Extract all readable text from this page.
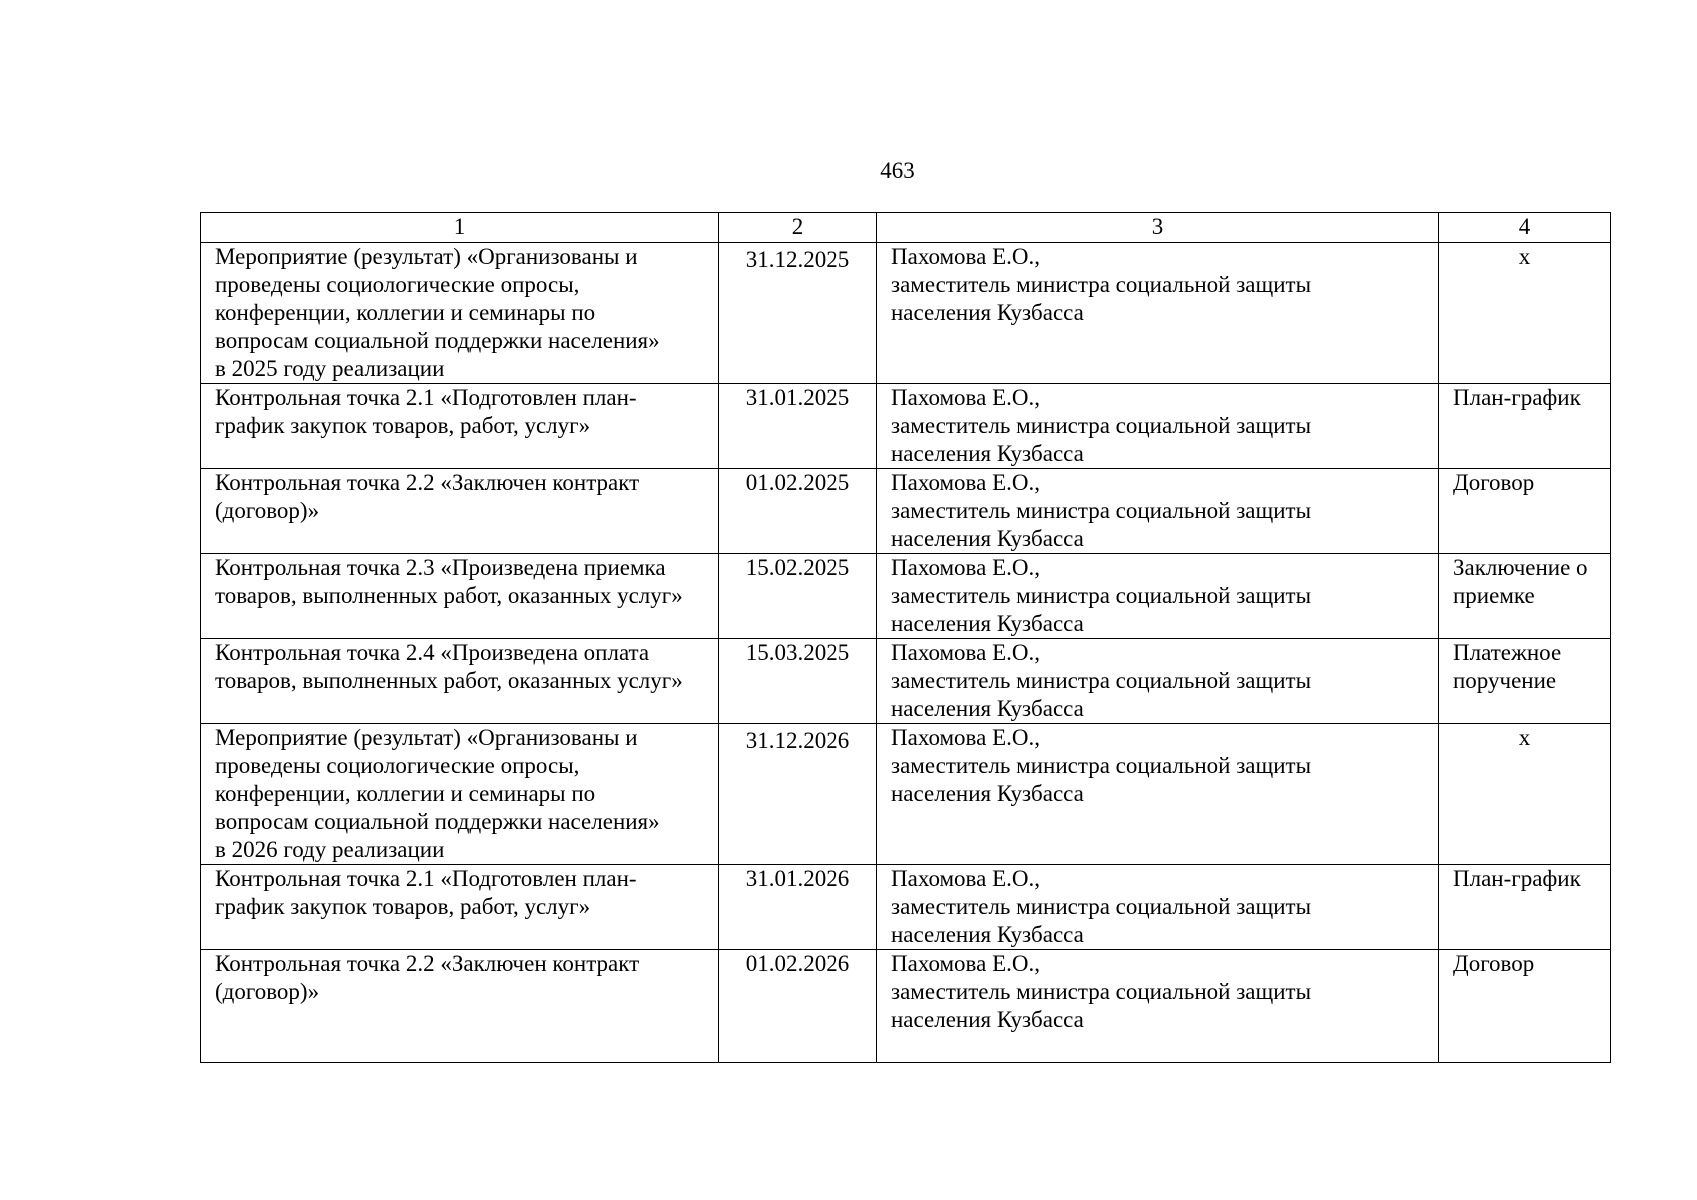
463
1	2	3	4

Мероприятие (результат) «Организованы и
проведены социологические опросы,
конференции, коллегии и семинары по
вопросам социальной поддержки населения»
в 2025 году реализации	31.12.2025	Пахомова Е.О.,
заместитель министра социальной защиты
населения Кузбасса	х

Контрольная точка 2.1 «Подготовлен план-
график закупок товаров, работ, услуг»	31.01.2025	Пахомова Е.О.,
заместитель министра социальной защиты
населения Кузбасса	План-график

Контрольная точка 2.2 «Заключен контракт
(договор)»	01.02.2025	Пахомова Е.О.,
заместитель министра социальной защиты
населения Кузбасса	Договор

Контрольная точка 2.3 «Произведена приемка
товаров, выполненных работ, оказанных услуг»	15.02.2025	Пахомова Е.О.,
заместитель министра социальной защиты
населения Кузбасса	Заключение о приемке

Контрольная точка 2.4 «Произведена оплата
товаров, выполненных работ, оказанных услуг»	15.03.2025	Пахомова Е.О.,
заместитель министра социальной защиты
населения Кузбасса	Платежное поручение

Мероприятие (результат) «Организованы и
проведены социологические опросы,
конференции, коллегии и семинары по
вопросам социальной поддержки населения»
в 2026 году реализации	31.12.2026	Пахомова Е.О.,
заместитель министра социальной защиты
населения Кузбасса	х

Контрольная точка 2.1 «Подготовлен план-
график закупок товаров, работ, услуг»	31.01.2026	Пахомова Е.О.,
заместитель министра социальной защиты
населения Кузбасса	План-график

Контрольная точка 2.2 «Заключен контракт
(договор)»	01.02.2026	Пахомова Е.О.,
заместитель министра социальной защиты
населения Кузбасса	Договор
